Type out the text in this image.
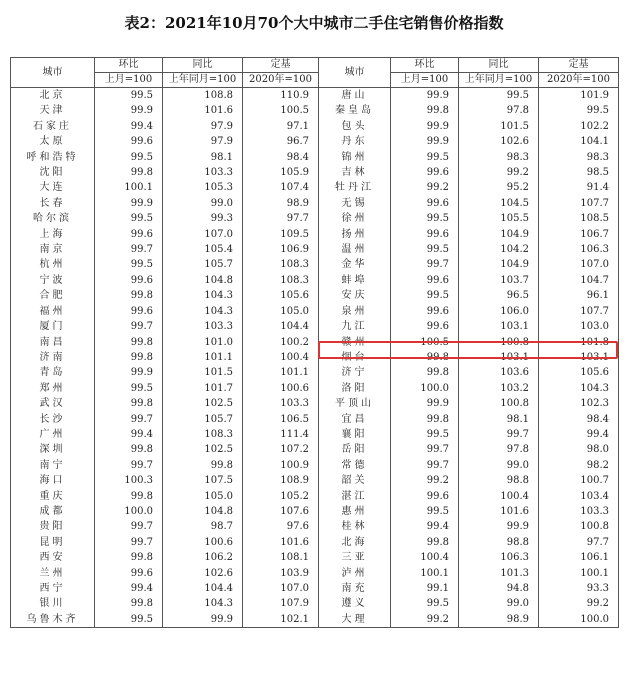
表2：2021年10月70个大中城市二手住宅销售价格指数
城市	环比	同比	定基	城市	环比	同比	定基
	上月=100	上年同月=100	2020年=100		上月=100	上年同月=100	2020年=100
北京	99.5	108.8	110.9	唐山	99.9	99.5	101.9
天津	99.9	101.6	100.5	秦皇岛	99.8	97.8	99.5
石家庄	99.4	97.9	97.1	包头	99.9	101.5	102.2
太原	99.6	97.9	96.7	丹东	99.9	102.6	104.1
呼和浩特	99.5	98.1	98.4	锦州	99.5	98.3	98.3
沈阳	99.8	103.3	105.9	吉林	99.6	99.2	98.5
大连	100.1	105.3	107.4	牡丹江	99.2	95.2	91.4
长春	99.9	99.0	98.9	无锡	99.6	104.5	107.7
哈尔滨	99.5	99.3	97.7	徐州	99.5	105.5	108.5
上海	99.6	107.0	109.5	扬州	99.6	104.9	106.7
南京	99.7	105.4	106.9	温州	99.5	104.2	106.3
杭州	99.5	105.7	108.3	金华	99.7	104.9	107.0
宁波	99.6	104.8	108.3	蚌埠	99.6	103.7	104.7
合肥	99.8	104.3	105.6	安庆	99.5	96.5	96.1
福州	99.6	104.3	105.0	泉州	99.6	106.0	107.7
厦门	99.7	103.3	104.4	九江	99.6	103.1	103.0
南昌	99.8	101.0	100.2	赣州	100.5	100.8	101.8
济南	99.8	101.1	100.4	烟台	99.8	103.1	103.1
青岛	99.9	101.5	101.1	济宁	99.8	103.6	105.6
郑州	99.5	101.7	100.6	洛阳	100.0	103.2	104.3
武汉	99.8	102.5	103.3	平顶山	99.9	100.8	102.3
长沙	99.7	105.7	106.5	宜昌	99.8	98.1	98.4
广州	99.4	108.3	111.4	襄阳	99.5	99.7	99.4
深圳	99.8	102.5	107.2	岳阳	99.7	97.8	98.0
南宁	99.7	99.8	100.9	常德	99.7	99.0	98.2
海口	100.3	107.5	108.9	韶关	99.2	98.8	100.7
重庆	99.8	105.0	105.2	湛江	99.6	100.4	103.4
成都	100.0	104.8	107.6	惠州	99.5	101.6	103.3
贵阳	99.7	98.7	97.6	桂林	99.4	99.9	100.8
昆明	99.7	100.6	101.6	北海	99.8	98.8	97.7
西安	99.8	106.2	108.1	三亚	100.4	106.3	106.1
兰州	99.6	102.6	103.9	泸州	100.1	101.3	100.1
西宁	99.4	104.4	107.0	南充	99.1	94.8	93.3
银川	99.8	104.3	107.9	遵义	99.5	99.0	99.2
乌鲁木齐	99.5	99.9	102.1	大理	99.2	98.9	100.0
